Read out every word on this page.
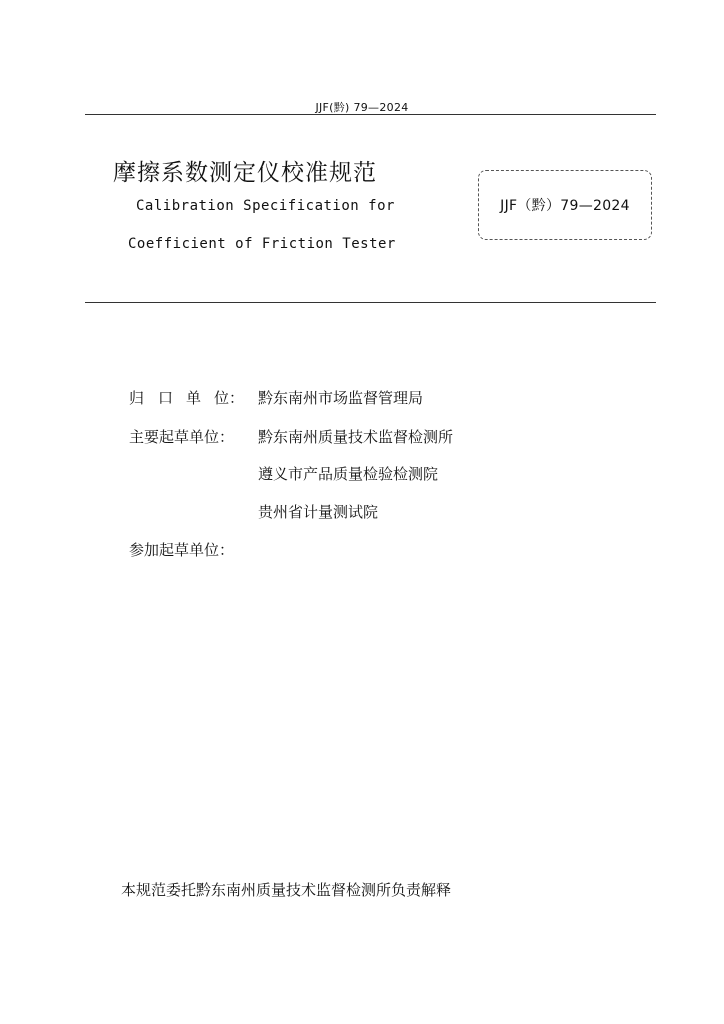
JJF(黔) 79—2024
摩擦系数测定仪校准规范
Calibration Specification for
Coefficient of Friction Tester
JJF（黔）79—2024
归 口 单 位： 黔东南州市场监督管理局
主要起草单位： 黔东南州质量技术监督检测所
遵义市产品质量检验检测院
贵州省计量测试院
参加起草单位：
本规范委托黔东南州质量技术监督检测所负责解释
